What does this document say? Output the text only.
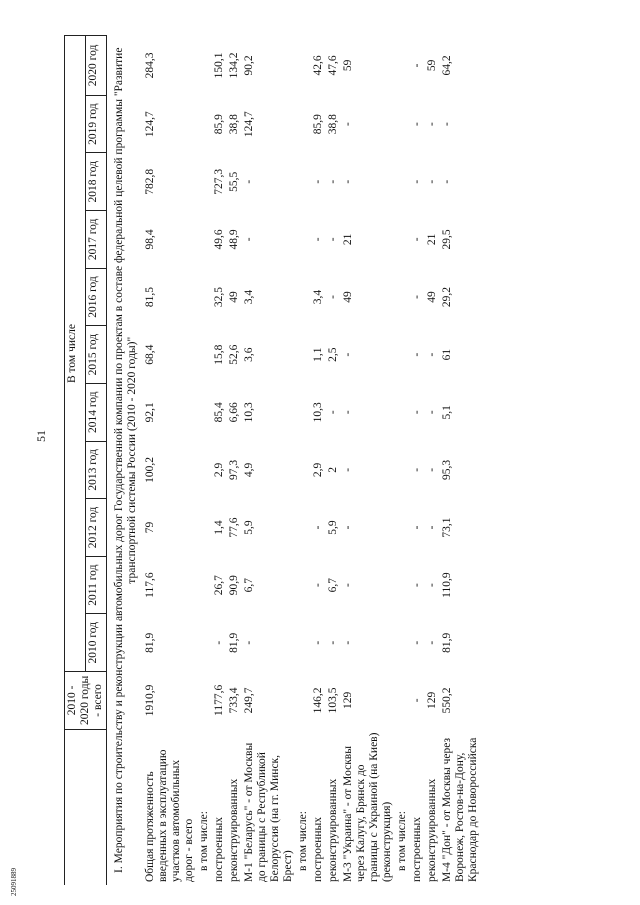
51
25091889
	2010 - 2020 годы - всего	В том числе										
		2010 год	2011 год	2012 год	2013 год	2014 год	2015 год	2016 год	2017 год	2018 год	2019 год	2020 год
I. Мероприятия по строительству и реконструкции автомобильных дорог Государственной компании по проектам в составе федеральной целевой программы "Развитие транспортной системы России (2010 - 2020 годы)"												
Общая протяженность введенных в эксплуатацию участков автомобильных дорог - всего	1910,9	81,9	117,6	79	100,2	92,1	68,4	81,5	98,4	782,8	124,7	284,3
в том числе:												
построенных	1177,6	-	26,7	1,4	2,9	85,4	15,8	32,5	49,6	727,3	85,9	150,1
реконструированных	733,4	81,9	90,9	77,6	97,3	6,66	52,6	49	48,9	55,5	38,8	134,2
М-1 "Беларусь" - от Москвы до границы с Республикой Белоруссия (на гг. Минск, Брест)	249,7	-	6,7	5,9	4,9	10,3	3,6	3,4	-	-	124,7	90,2
в том числе:												
построенных	146,2	-	-	-	2,9	10,3	1,1	3,4	-	-	85,9	42,6
реконструированных	103,5	-	6,7	5,9	2	-	2,5	-	-	-	38,8	47,6
М-3 "Украина" - от Москвы через Калугу, Брянск до границы с Украиной (на Киев) (реконструкция)	129	-	-	-	-	-	-	49	21	-	-	59
в том числе:												
построенных	-	-	-	-	-	-	-	-	-	-	-	-
реконструированных	129	-	-	-	-	-	-	49	21	-	-	59
М-4 "Дон" - от Москвы через Воронеж, Ростов-на-Дону, Краснодар до Новороссийска	550,2	81,9	110,9	73,1	95,3	5,1	61	29,2	29,5	-	-	64,2
